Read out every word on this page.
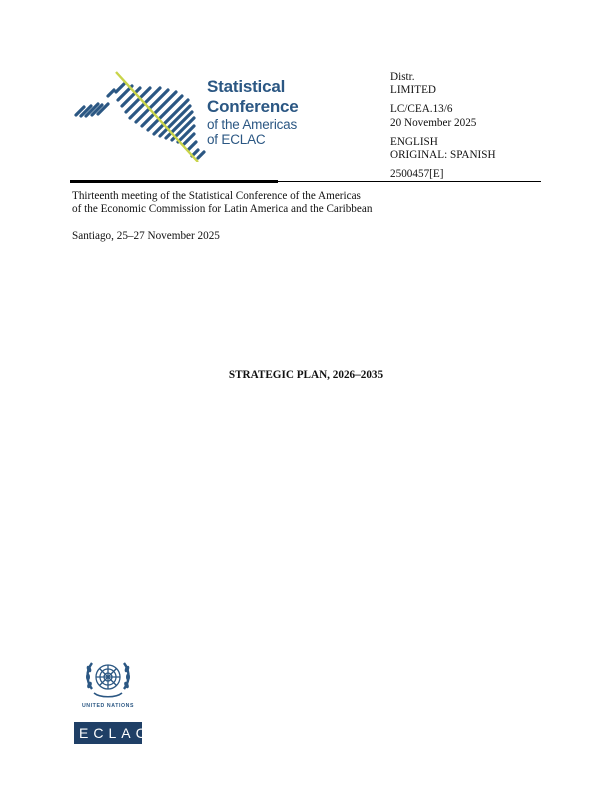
Statistical
Conference
of the Americas
of ECLAC
Distr.
LIMITED
LC/CEA.13/6
20 November 2025
ENGLISH
ORIGINAL: SPANISH
2500457[E]
Thirteenth meeting of the Statistical Conference of the Americas
of the Economic Commission for Latin America and the Caribbean
Santiago, 25–27 November 2025
STRATEGIC PLAN, 2026–2035
UNITED NATIONS
ECLAC
